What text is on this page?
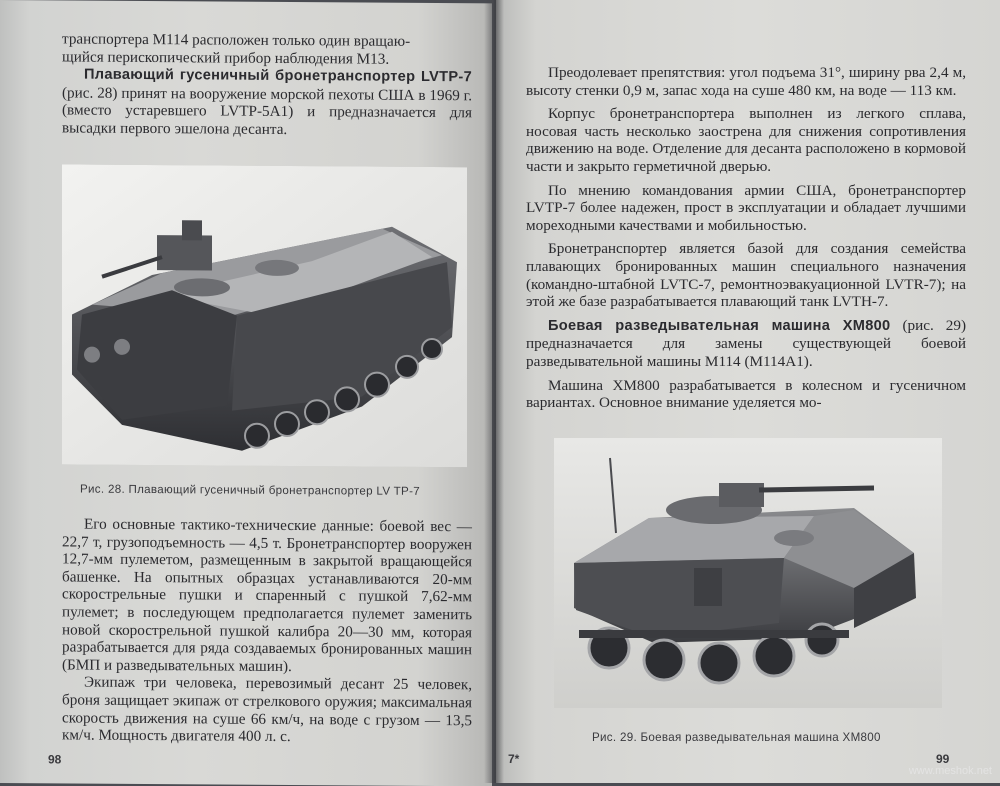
транспортера М114 расположен только один вращаю-

щийся перископический прибор наблюдения М13.

Плавающий гусеничный бронетранспортер LVTP-7 (рис. 28) принят на вооружение морской пехоты США в 1969 г. (вместо устаревшего LVTP-5A1) и предназначается для высадки первого эшелона десанта.

Рис. 28. Плавающий гусеничный бронетранспортер LV TP-7

Его основные тактико-технические данные: боевой вес — 22,7 т, грузоподъемность — 4,5 т. Бронетранспортер вооружен 12,7-мм пулеметом, размещенным в закрытой вращающейся башенке. На опытных образцах устанавливаются 20-мм скорострельные пушки и спаренный с пушкой 7,62-мм пулемет; в последующем предполагается пулемет заменить новой скорострельной пушкой калибра 20—30 мм, которая разрабатывается для ряда создаваемых бронированных машин (БМП и разведывательных машин).

Экипаж три человека, перевозимый десант 25 человек, броня защищает экипаж от стрелкового оружия; максимальная скорость движения на суше 66 км/ч, на воде с грузом — 13,5 км/ч. Мощность двигателя 400 л. с.

98

Преодолевает препятствия: угол подъема 31°, ширину рва 2,4 м, высоту стенки 0,9 м, запас хода на суше 480 км, на воде — 113 км.

Корпус бронетранспортера выполнен из легкого сплава, носовая часть несколько заострена для снижения сопротивления движению на воде. Отделение для десанта расположено в кормовой части и закрыто герметичной дверью.

По мнению командования армии США, бронетранспортер LVTP-7 более надежен, прост в эксплуатации и обладает лучшими мореходными качествами и мобильностью.

Бронетранспортер является базой для создания семейства плавающих бронированных машин специального назначения (командно-штабной LVTC-7, ремонтноэвакуационной LVTR-7); на этой же базе разрабатывается плавающий танк LVTH-7.

Боевая разведывательная машина ХМ800 (рис. 29) предназначается для замены существующей боевой разведывательной машины М114 (М114А1).

Машина ХМ800 разрабатывается в колесном и гусеничном вариантах. Основное внимание уделяется мо-

Рис. 29. Боевая разведывательная машина ХМ800
7*	99
www.meshok.net
